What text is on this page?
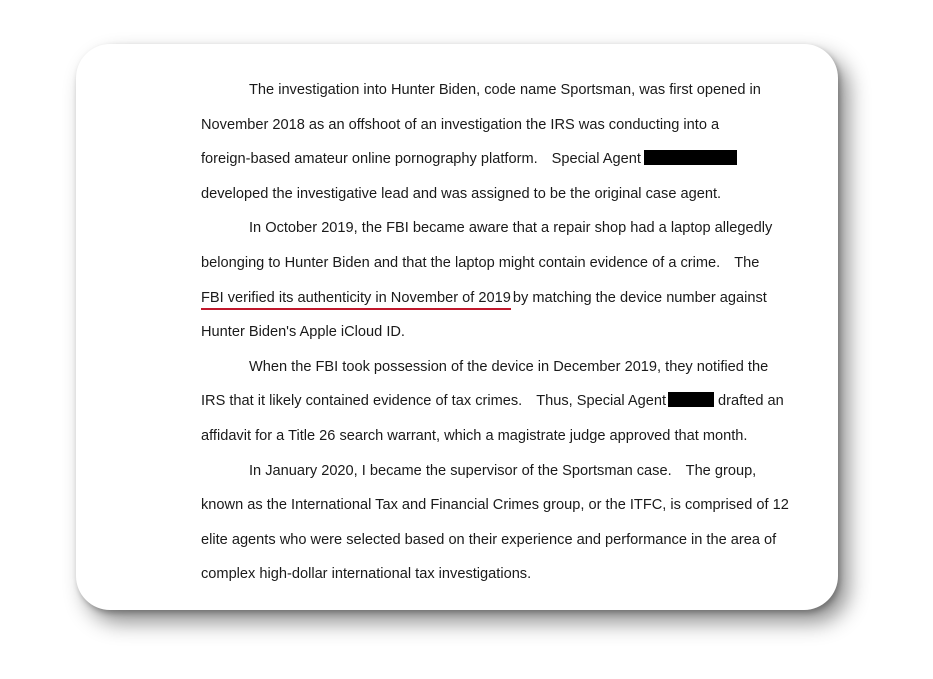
The investigation into Hunter Biden, code name Sportsman, was first opened in
November 2018 as an offshoot of an investigation the IRS was conducting into a
foreign-based amateur online pornography platform. Special Agent
developed the investigative lead and was assigned to be the original case agent.
In October 2019, the FBI became aware that a repair shop had a laptop allegedly
belonging to Hunter Biden and that the laptop might contain evidence of a crime. The
FBI verified its authenticity in November of 2019 by matching the device number against
Hunter Biden's Apple iCloud ID.
When the FBI took possession of the device in December 2019, they notified the
IRS that it likely contained evidence of tax crimes. Thus, Special Agent	drafted an
affidavit for a Title 26 search warrant, which a magistrate judge approved that month.
In January 2020, I became the supervisor of the Sportsman case. The group,
known as the International Tax and Financial Crimes group, or the ITFC, is comprised of 12
elite agents who were selected based on their experience and performance in the area of
complex high-dollar international tax investigations.
